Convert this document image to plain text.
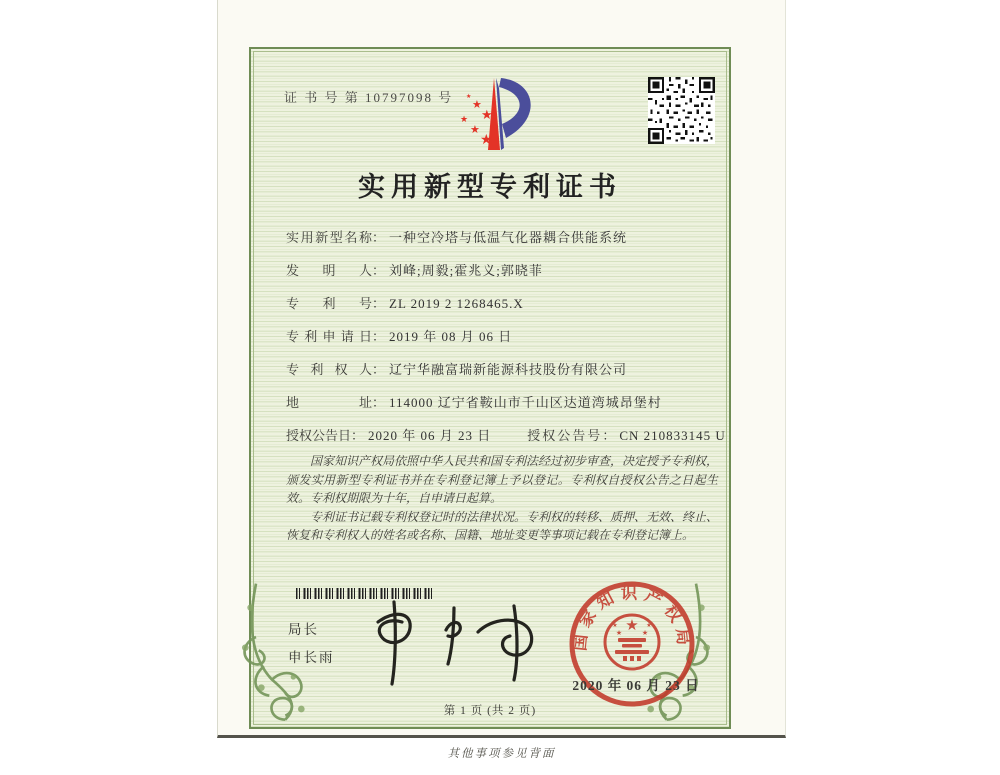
证 书 号 第 10797098 号 ★
★
★
★
★
★
实用新型专利证书
实用新型名称 ： 一种空冷塔与低温气化器耦合供能系统
发明人 ： 刘峰;周毅;霍兆义;郭晓菲
专利号 ： ZL 2019 2 1268465.X
专利申请日 ： 2019 年 08 月 06 日
专利权人 ： 辽宁华融富瑞新能源科技股份有限公司
地址 ： 114000 辽宁省鞍山市千山区达道湾城昂堡村
授权公告日 ： 2020 年 06 月 23 日	授权公告号 ： CN 210833145 U

国家知识产权局依照中华人民共和国专利法经过初步审查，决定授予专利权，颁发实用新型专利证书并在专利登记簿上予以登记。专利权自授权公告之日起生效。专利权期限为十年，自申请日起算。

专利证书记载专利权登记时的法律状况。专利权的转移、质押、无效、终止、恢复和专利权人的姓名或名称、国籍、地址变更等事项记载在专利登记簿上。

局长
申长雨
国家知识产权局
★
★	★
★	★
2020 年 06 月 23 日
第 1 页 (共 2 页)
其他事项参见背面
